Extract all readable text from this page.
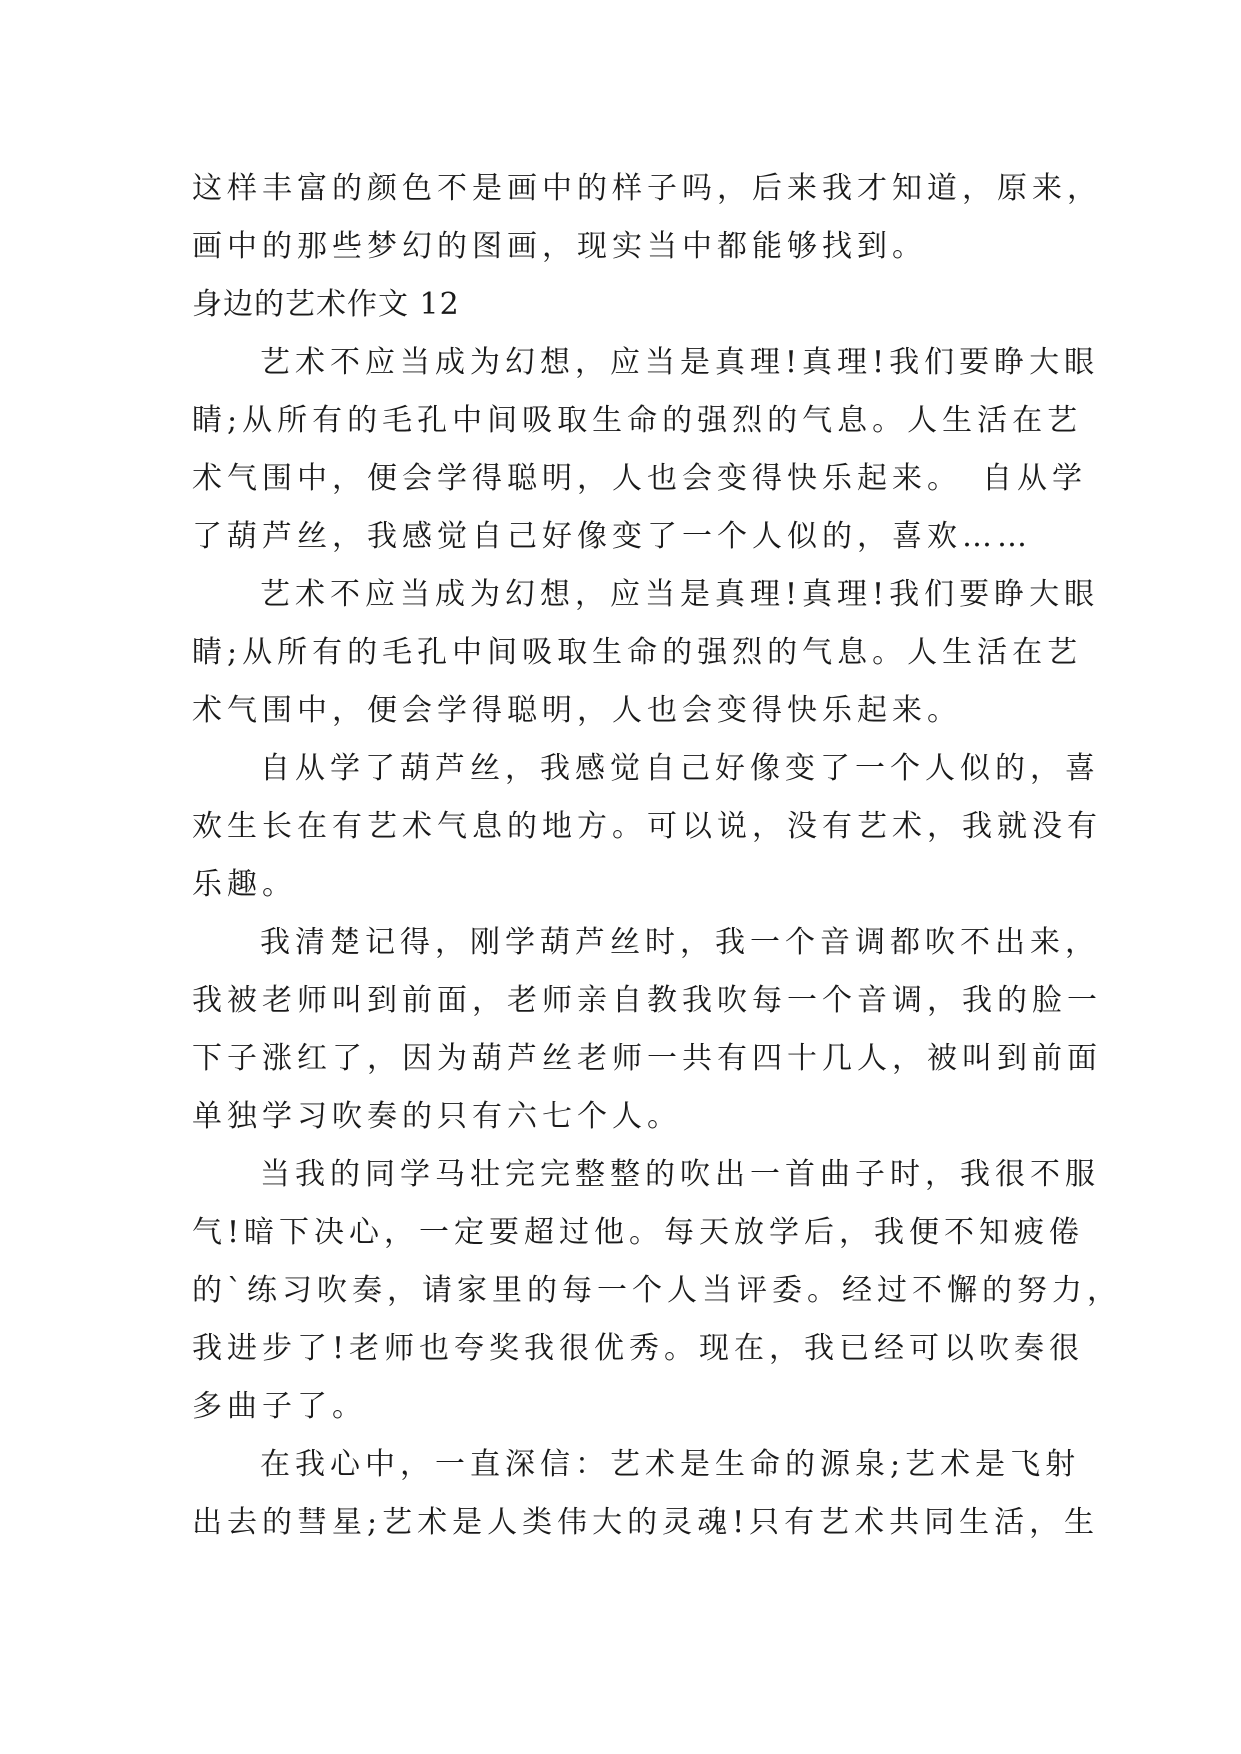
这样丰富的颜色不是画中的样子吗，后来我才知道，原来，
画中的那些梦幻的图画，现实当中都能够找到。
身边的艺术作文 12
艺术不应当成为幻想，应当是真理!真理!我们要睁大眼
睛;从所有的毛孔中间吸取生命的强烈的气息。人生活在艺
术气围中，便会学得聪明，人也会变得快乐起来。　自从学
了葫芦丝，我感觉自己好像变了一个人似的，喜欢……
艺术不应当成为幻想，应当是真理!真理!我们要睁大眼
睛;从所有的毛孔中间吸取生命的强烈的气息。人生活在艺
术气围中，便会学得聪明，人也会变得快乐起来。
自从学了葫芦丝，我感觉自己好像变了一个人似的，喜
欢生长在有艺术气息的地方。可以说，没有艺术，我就没有
乐趣。
我清楚记得，刚学葫芦丝时，我一个音调都吹不出来，
我被老师叫到前面，老师亲自教我吹每一个音调，我的脸一
下子涨红了，因为葫芦丝老师一共有四十几人，被叫到前面
单独学习吹奏的只有六七个人。
当我的同学马壮完完整整的吹出一首曲子时，我很不服
气!暗下决心，一定要超过他。每天放学后，我便不知疲倦
的`练习吹奏，请家里的每一个人当评委。经过不懈的努力，
我进步了!老师也夸奖我很优秀。现在，我已经可以吹奏很
多曲子了。
在我心中，一直深信：艺术是生命的源泉;艺术是飞射
出去的彗星;艺术是人类伟大的灵魂!只有艺术共同生活，生
